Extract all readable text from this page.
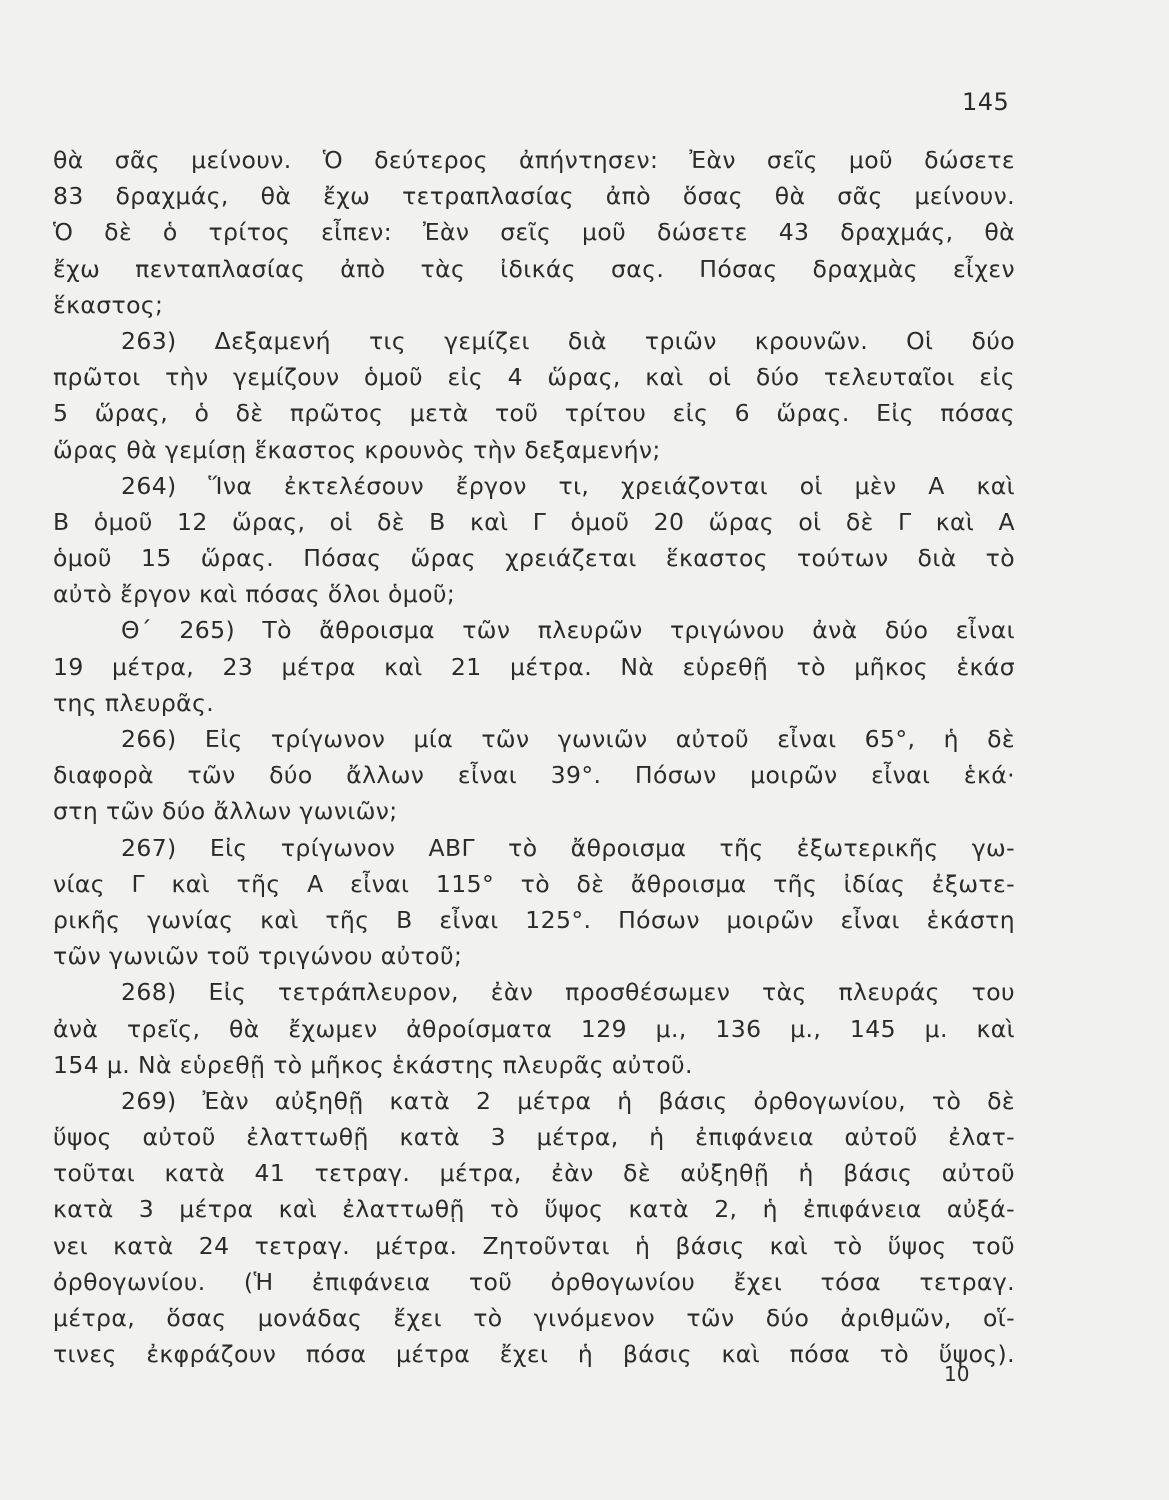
145
θὰ σᾶς μείνουν. Ὁ δεύτερος ἀπήντησεν: Ἐὰν σεῖς μοῦ δώσετε
83 δραχμάς, θὰ ἔχω τετραπλασίας ἀπὸ ὅσας θὰ σᾶς μείνουν.
Ὁ δὲ ὁ τρίτος εἶπεν: Ἐὰν σεῖς μοῦ δώσετε 43 δραχμάς, θὰ
ἔχω πενταπλασίας ἀπὸ τὰς ἰδικάς σας. Πόσας δραχμὰς εἶχεν
ἕκαστος;
263) Δεξαμενή τις γεμίζει διὰ τριῶν κρουνῶν. Οἱ δύο
πρῶτοι τὴν γεμίζουν ὁμοῦ εἰς 4 ὥρας, καὶ οἱ δύο τελευταῖοι εἰς
5 ὥρας, ὁ δὲ πρῶτος μετὰ τοῦ τρίτου εἰς 6 ὥρας. Εἰς πόσας
ὥρας θὰ γεμίσῃ ἕκαστος κρουνὸς τὴν δεξαμενήν;
264) Ἵνα ἐκτελέσουν ἔργον τι, χρειάζονται οἱ μὲν Α καὶ
Β ὁμοῦ 12 ὥρας, οἱ δὲ Β καὶ Γ ὁμοῦ 20 ὥρας οἱ δὲ Γ καὶ Α
ὁμοῦ 15 ὥρας. Πόσας ὥρας χρειάζεται ἕκαστος τούτων διὰ τὸ
αὐτὸ ἔργον καὶ πόσας ὅλοι ὁμοῦ;
Θ΄ 265) Τὸ ἄθροισμα τῶν πλευρῶν τριγώνου ἀνὰ δύο εἶναι
19 μέτρα, 23 μέτρα καὶ 21 μέτρα. Νὰ εὑρεθῇ τὸ μῆκος ἑκάσ
της πλευρᾶς.
266) Εἰς τρίγωνον μία τῶν γωνιῶν αὐτοῦ εἶναι 65°, ἡ δὲ
διαφορὰ τῶν δύο ἄλλων εἶναι 39°. Πόσων μοιρῶν εἶναι ἑκά·
στη τῶν δύο ἄλλων γωνιῶν;
267) Εἰς τρίγωνον ΑΒΓ τὸ ἄθροισμα τῆς ἐξωτερικῆς γω-
νίας Γ καὶ τῆς Α εἶναι 115° τὸ δὲ ἄθροισμα τῆς ἰδίας ἐξωτε-
ρικῆς γωνίας καὶ τῆς Β εἶναι 125°. Πόσων μοιρῶν εἶναι ἑκάστη
τῶν γωνιῶν τοῦ τριγώνου αὐτοῦ;
268) Εἰς τετράπλευρον, ἐὰν προσθέσωμεν τὰς πλευράς του
ἀνὰ τρεῖς, θὰ ἔχωμεν ἀθροίσματα 129 μ., 136 μ., 145 μ. καὶ
154 μ. Νὰ εὑρεθῇ τὸ μῆκος ἑκάστης πλευρᾶς αὐτοῦ.
269) Ἐὰν αὐξηθῇ κατὰ 2 μέτρα ἡ βάσις ὀρθογωνίου, τὸ δὲ
ὕψος αὐτοῦ ἐλαττωθῇ κατὰ 3 μέτρα, ἡ ἐπιφάνεια αὐτοῦ ἐλατ-
τοῦται κατὰ 41 τετραγ. μέτρα, ἐὰν δὲ αὐξηθῇ ἡ βάσις αὐτοῦ
κατὰ 3 μέτρα καὶ ἐλαττωθῇ τὸ ὕψος κατὰ 2, ἡ ἐπιφάνεια αὐξά-
νει κατὰ 24 τετραγ. μέτρα. Ζητοῦνται ἡ βάσις καὶ τὸ ὕψος τοῦ
ὀρθογωνίου. (Ἡ ἐπιφάνεια τοῦ ὀρθογωνίου ἔχει τόσα τετραγ.
μέτρα, ὅσας μονάδας ἔχει τὸ γινόμενον τῶν δύο ἀριθμῶν, οἵ-
τινες ἐκφράζουν πόσα μέτρα ἔχει ἡ βάσις καὶ πόσα τὸ ὕψος).
10
